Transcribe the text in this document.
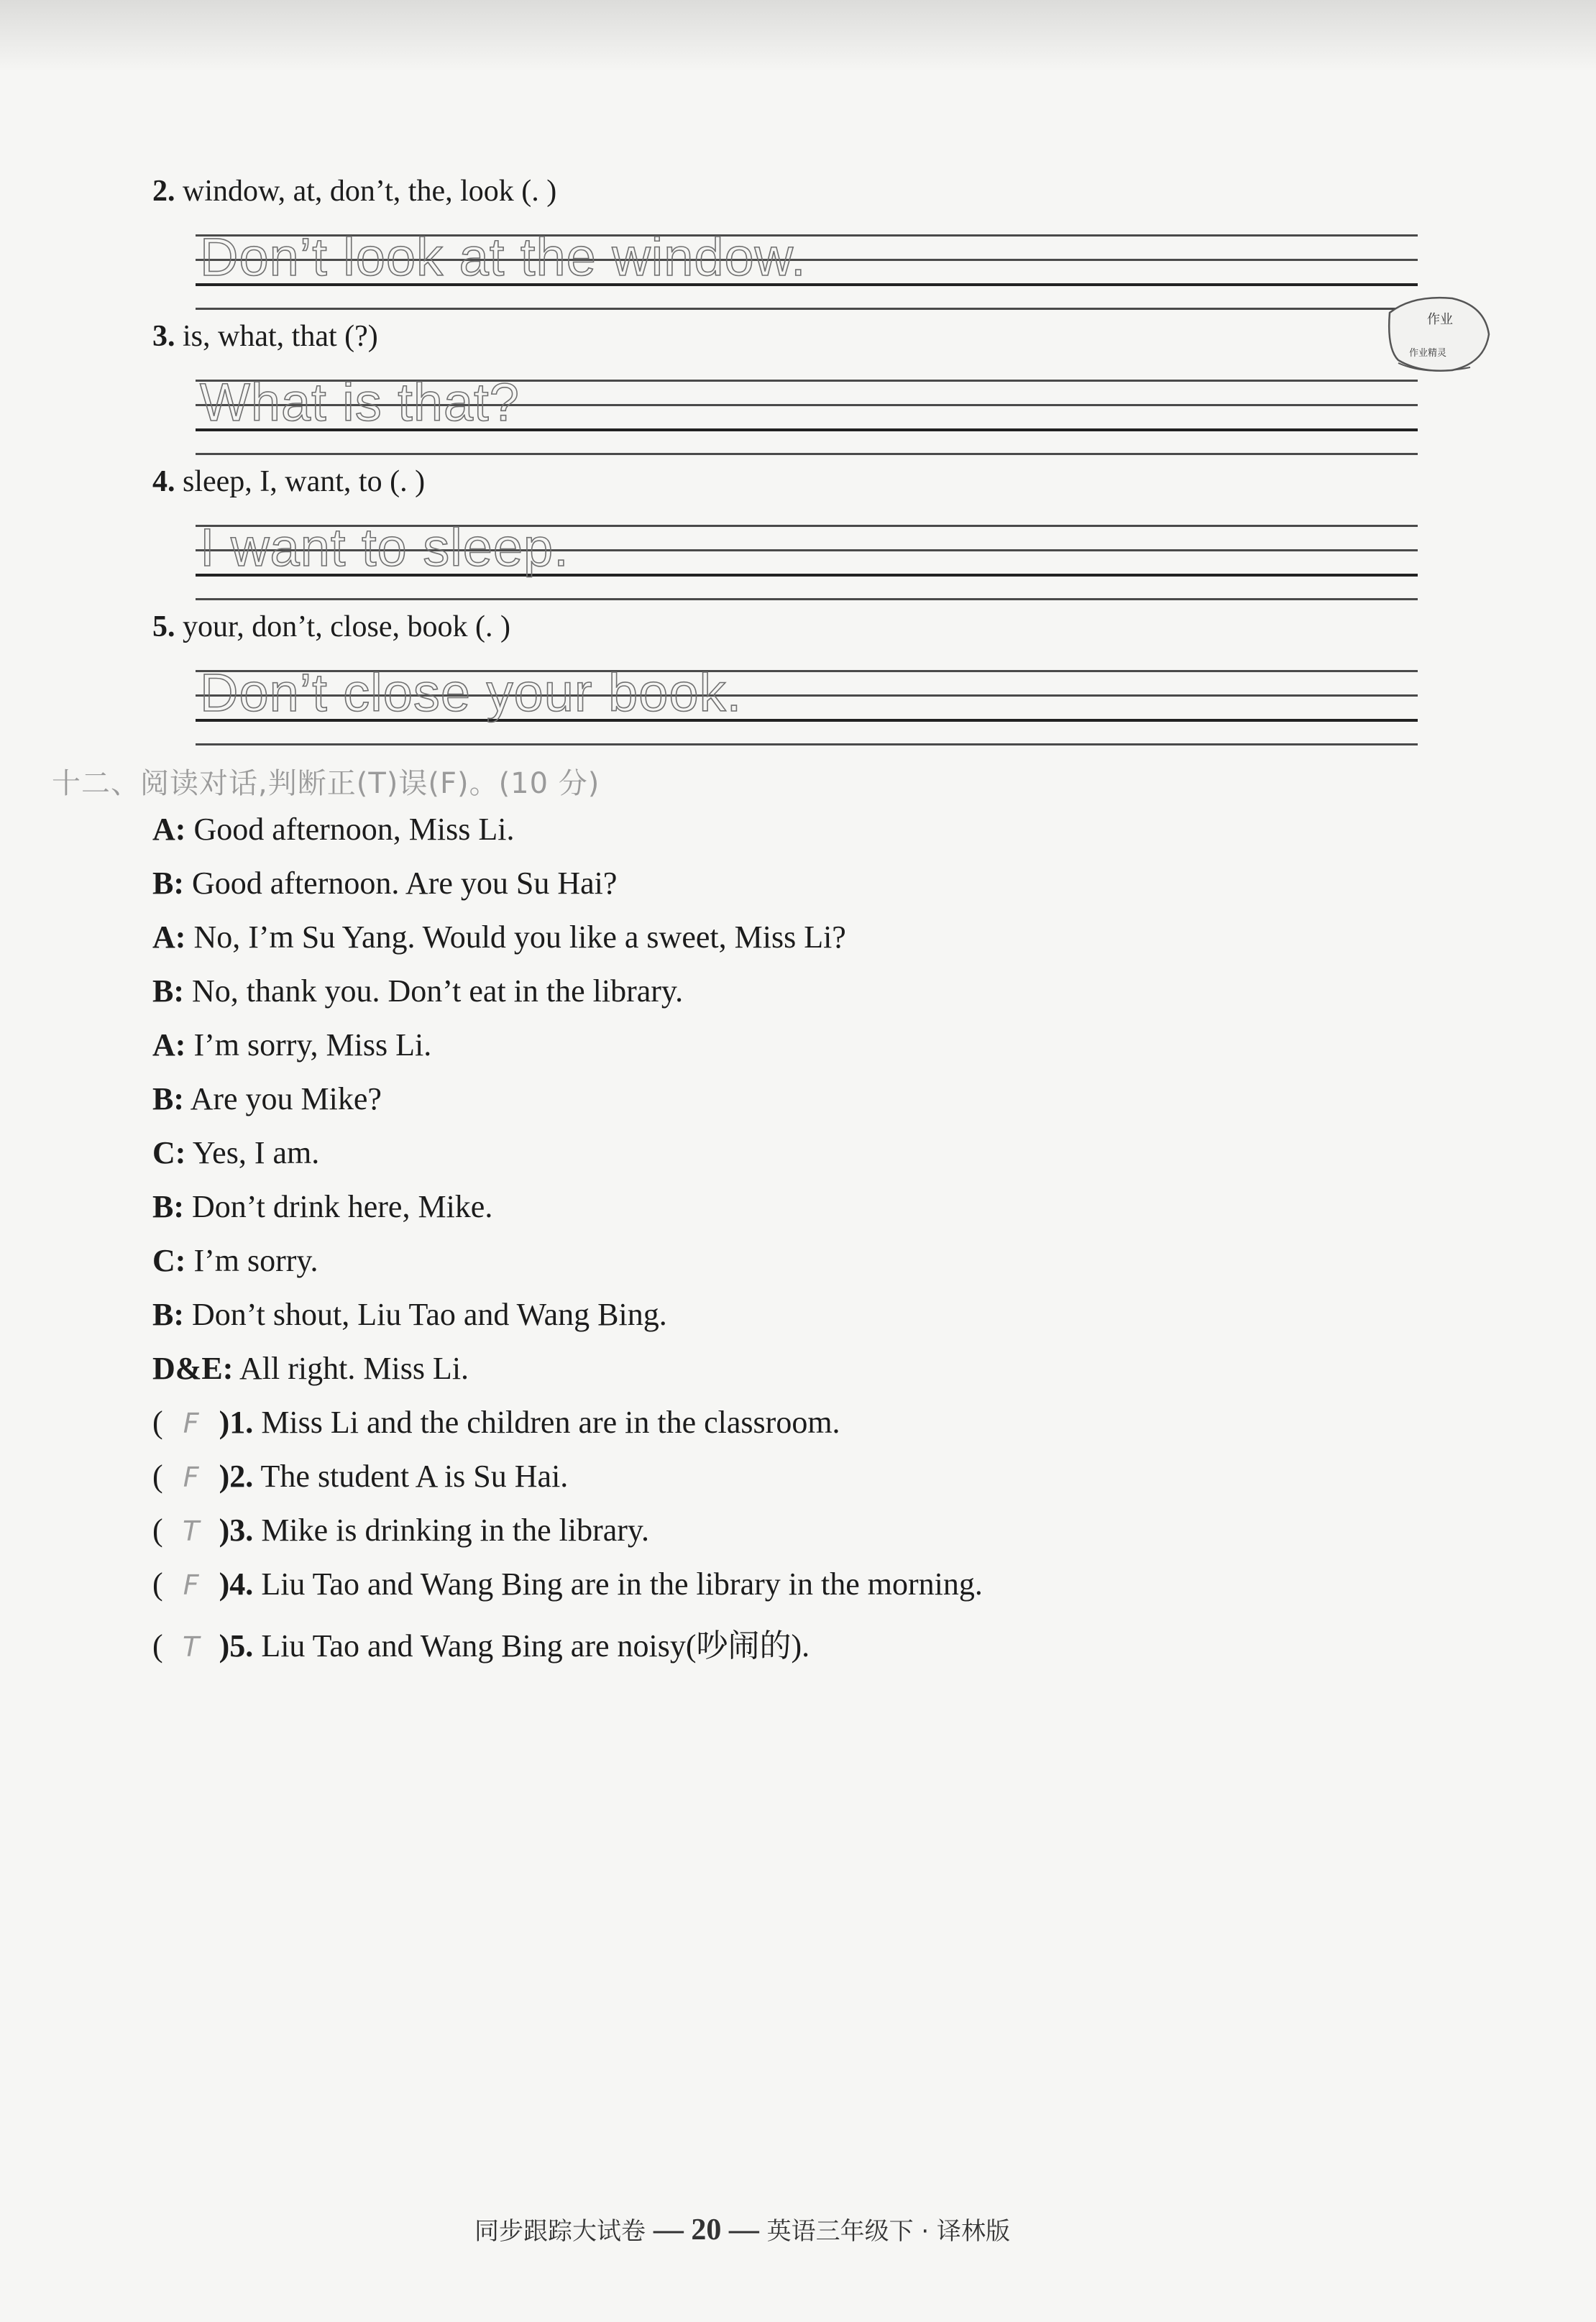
2. window, at, don’t, the, look (. )
Don’t look at the window.
3. is, what, that (?)
What is that?
4. sleep, I, want, to (. )
I want to sleep.
5. your, don’t, close, book (. )
Don’t close your book.
作业
作业精灵
十二、阅读对话,判断正(T)误(F)。(10 分)
A: Good afternoon, Miss Li.
B: Good afternoon. Are you Su Hai?
A: No, I’m Su Yang. Would you like a sweet, Miss Li?
B: No, thank you. Don’t eat in the library.
A: I’m sorry, Miss Li.
B: Are you Mike?
C: Yes, I am.
B: Don’t drink here, Mike.
C: I’m sorry.
B: Don’t shout, Liu Tao and Wang Bing.
D&E: All right. Miss Li.
( F )1. Miss Li and the children are in the classroom.
( F )2. The student A is Su Hai.
( T )3. Mike is drinking in the library.
( F )4. Liu Tao and Wang Bing are in the library in the morning.
( T )5. Liu Tao and Wang Bing are noisy(吵闹的).
同步跟踪大试卷 — 20 — 英语三年级下 · 译林版
